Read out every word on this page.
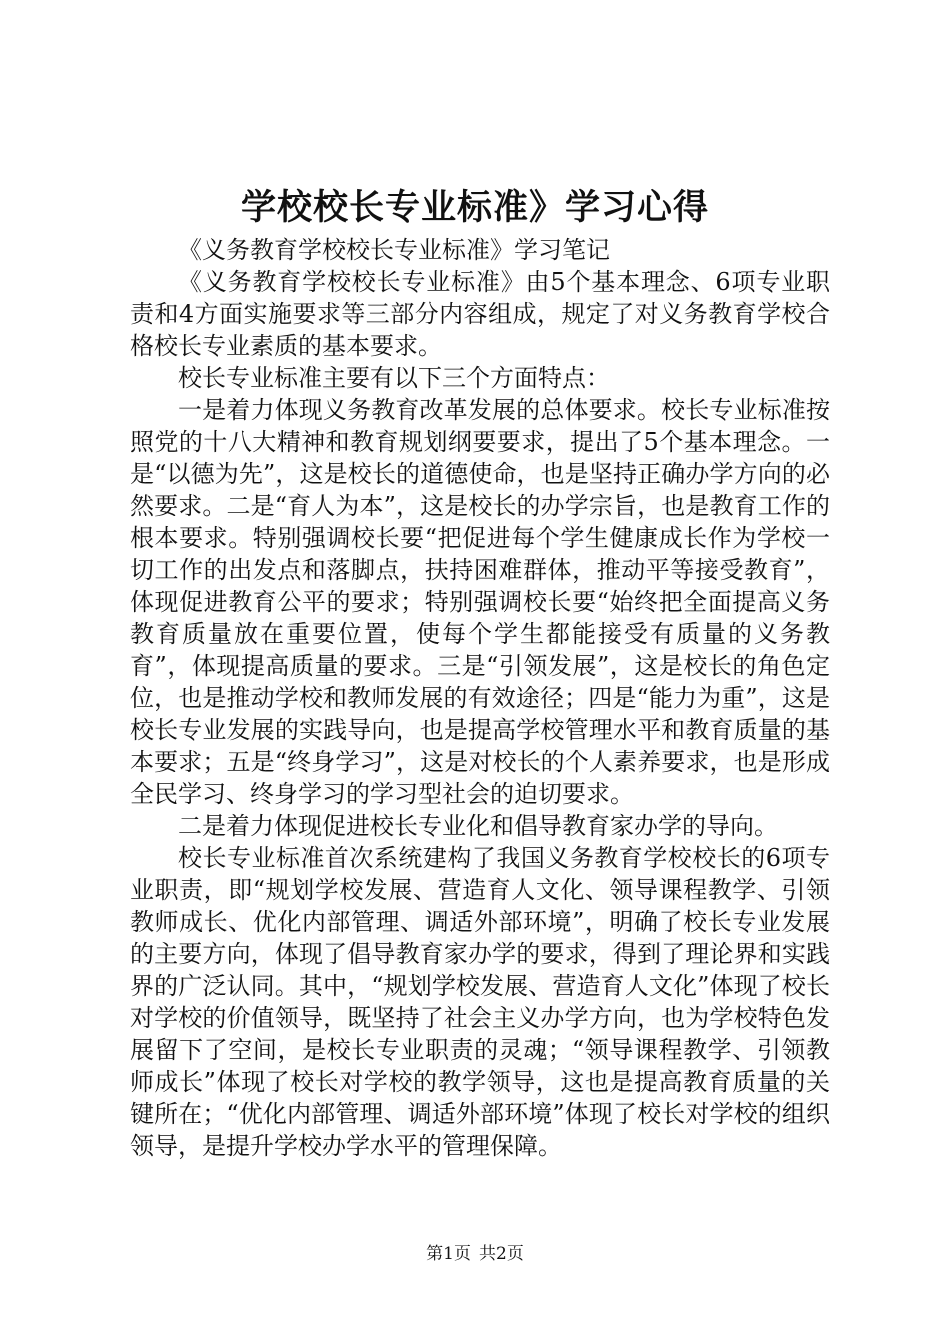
学校校长专业标准》学习心得

《义务教育学校校长专业标准》学习笔记

《义务教育学校校长专业标准》由5个基本理念、6项专业职责和4方面实施要求等三部分内容组成，规定了对义务教育学校合格校长专业素质的基本要求。

校长专业标准主要有以下三个方面特点：

一是着力体现义务教育改革发展的总体要求。校长专业标准按照党的十八大精神和教育规划纲要要求，提出了5个基本理念。一是“以德为先”，这是校长的道德使命，也是坚持正确办学方向的必然要求。二是“育人为本”，这是校长的办学宗旨，也是教育工作的根本要求。特别强调校长要“把促进每个学生健康成长作为学校一切工作的出发点和落脚点，扶持困难群体，推动平等接受教育”，体现促进教育公平的要求；特别强调校长要“始终把全面提高义务教育质量放在重要位置，使每个学生都能接受有质量的义务教育”，体现提高质量的要求。三是“引领发展”，这是校长的角色定位，也是推动学校和教师发展的有效途径；四是“能力为重”，这是校长专业发展的实践导向，也是提高学校管理水平和教育质量的基本要求；五是“终身学习”，这是对校长的个人素养要求，也是形成全民学习、终身学习的学习型社会的迫切要求。

二是着力体现促进校长专业化和倡导教育家办学的导向。

校长专业标准首次系统建构了我国义务教育学校校长的6项专业职责，即“规划学校发展、营造育人文化、领导课程教学、引领教师成长、优化内部管理、调适外部环境”，明确了校长专业发展的主要方向，体现了倡导教育家办学的要求，得到了理论界和实践界的广泛认同。其中，“规划学校发展、营造育人文化”体现了校长对学校的价值领导，既坚持了社会主义办学方向，也为学校特色发展留下了空间，是校长专业职责的灵魂；“领导课程教学、引领教师成长”体现了校长对学校的教学领导，这也是提高教育质量的关键所在；“优化内部管理、调适外部环境”体现了校长对学校的组织领导，是提升学校办学水平的管理保障。

第1页 共2页
